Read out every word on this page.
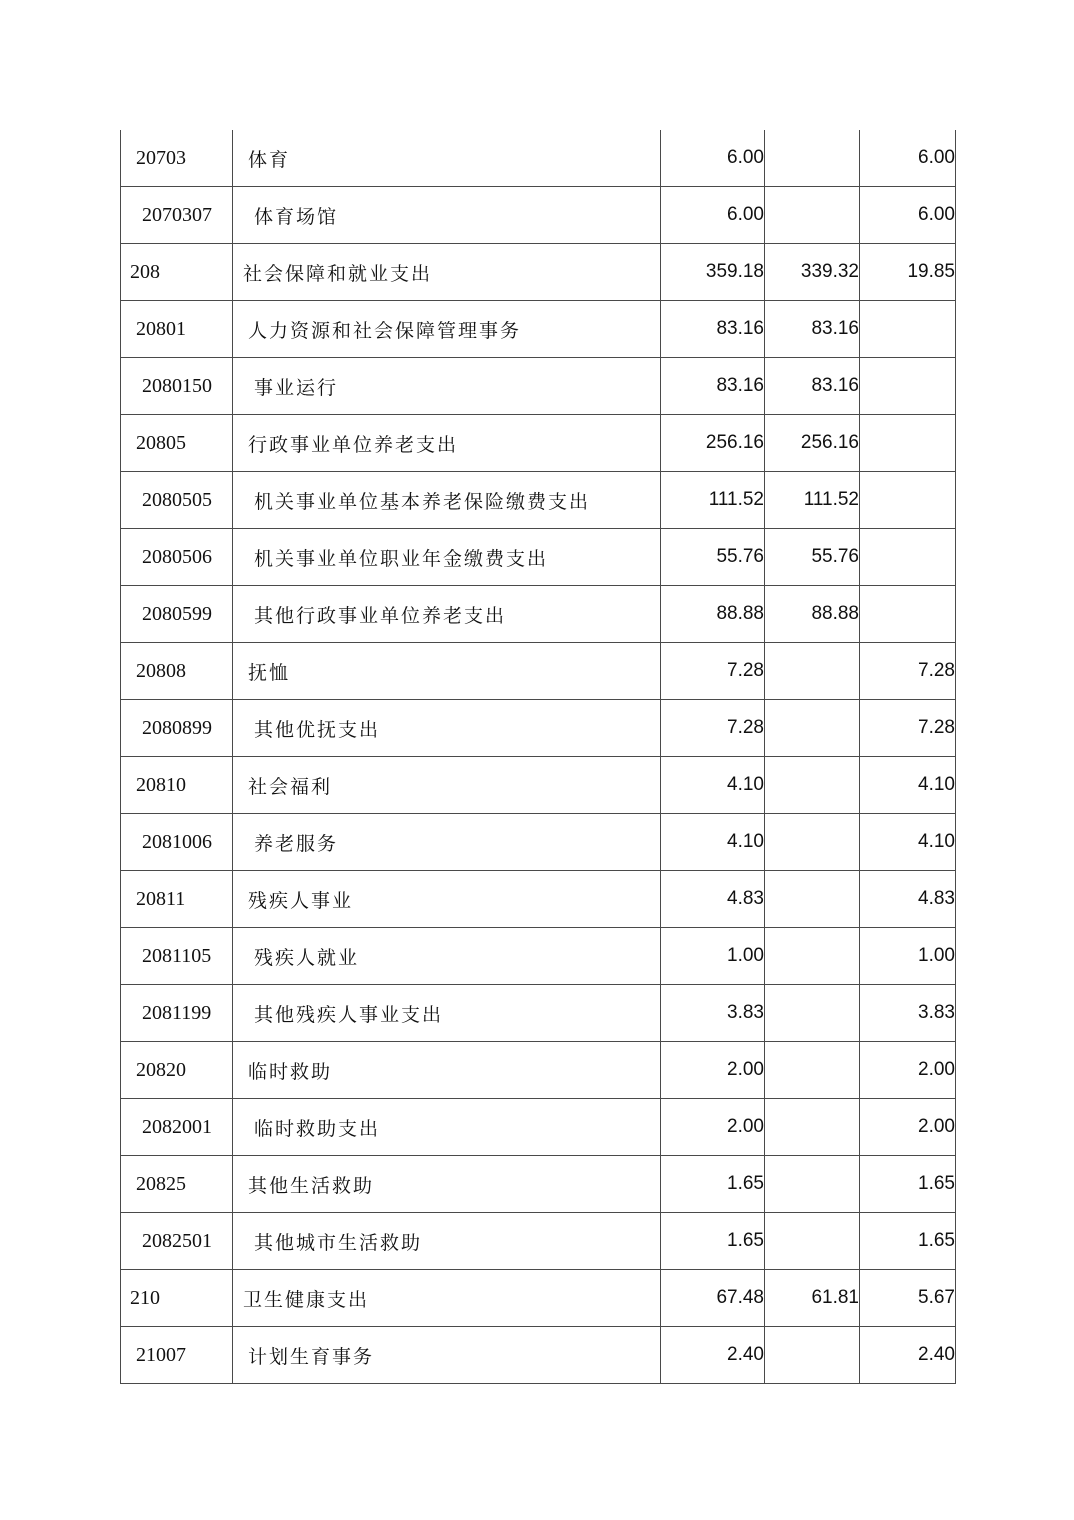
20703	体育	6.00		6.00
2070307	体育场馆	6.00		6.00
208	社会保障和就业支出	359.18	339.32	19.85
20801	人力资源和社会保障管理事务	83.16	83.16	
2080150	事业运行	83.16	83.16	
20805	行政事业单位养老支出	256.16	256.16	
2080505	机关事业单位基本养老保险缴费支出	111.52	111.52	
2080506	机关事业单位职业年金缴费支出	55.76	55.76	
2080599	其他行政事业单位养老支出	88.88	88.88	
20808	抚恤	7.28		7.28
2080899	其他优抚支出	7.28		7.28
20810	社会福利	4.10		4.10
2081006	养老服务	4.10		4.10
20811	残疾人事业	4.83		4.83
2081105	残疾人就业	1.00		1.00
2081199	其他残疾人事业支出	3.83		3.83
20820	临时救助	2.00		2.00
2082001	临时救助支出	2.00		2.00
20825	其他生活救助	1.65		1.65
2082501	其他城市生活救助	1.65		1.65
210	卫生健康支出	67.48	61.81	5.67
21007	计划生育事务	2.40		2.40
